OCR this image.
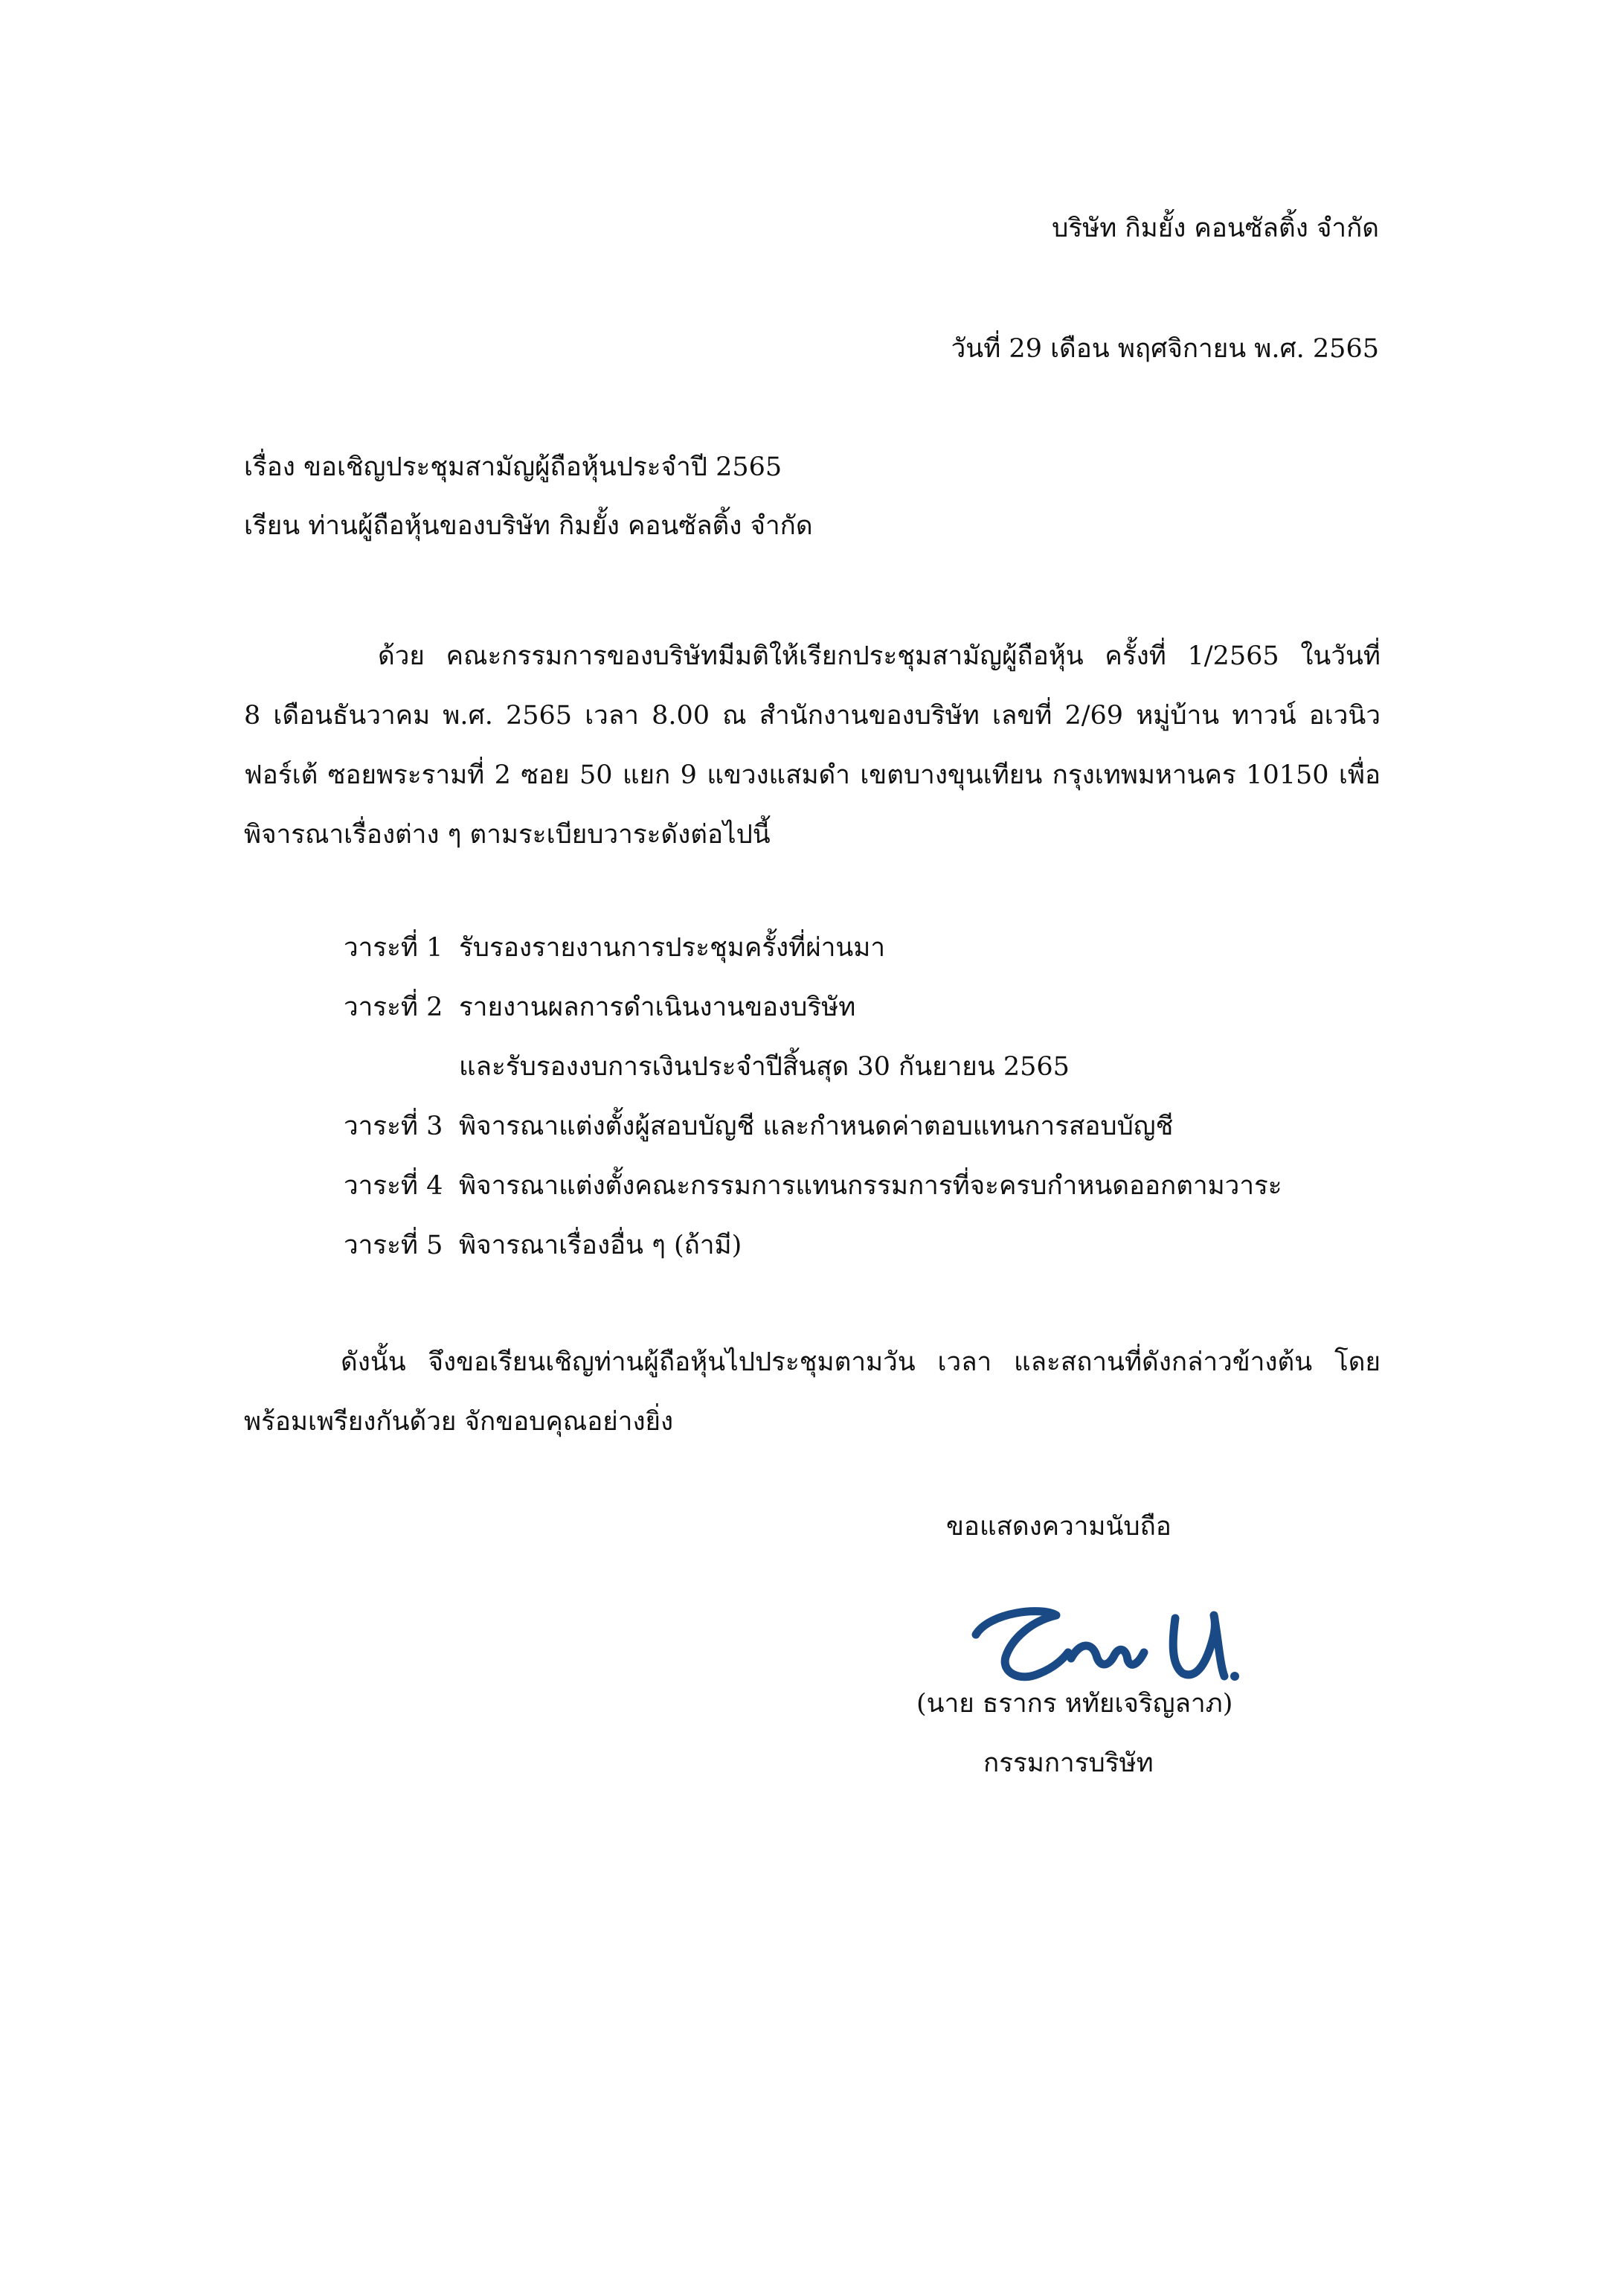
บริษัท กิมยั้ง คอนซัลติ้ง จำกัด
วันที่ 29 เดือน พฤศจิกายน พ.ศ. 2565
เรื่อง ขอเชิญประชุมสามัญผู้ถือหุ้นประจำปี 2565
เรียน ท่านผู้ถือหุ้นของบริษัท กิมยั้ง คอนซัลติ้ง จำกัด

ด้วย คณะกรรมการของบริษัทมีมติให้เรียกประชุมสามัญผู้ถือหุ้น ครั้งที่ 1/2565 ในวันที่

8 เดือนธันวาคม พ.ศ. 2565 เวลา 8.00 ณ สำนักงานของบริษัท เลขที่ 2/69 หมู่บ้าน ทาวน์ อเวนิว

ฟอร์เต้ ซอยพระรามที่ 2 ซอย 50 แยก 9 แขวงแสมดำ เขตบางขุนเทียน กรุงเทพมหานคร 10150 เพื่อ

พิจารณาเรื่องต่าง ๆ ตามระเบียบวาระดังต่อไปนี้

วาระที่ 1 รับรองรายงานการประชุมครั้งที่ผ่านมา
วาระที่ 2 รายงานผลการดำเนินงานของบริษัท
และรับรองงบการเงินประจำปีสิ้นสุด 30 กันยายน 2565
วาระที่ 3 พิจารณาแต่งตั้งผู้สอบบัญชี และกำหนดค่าตอบแทนการสอบบัญชี
วาระที่ 4 พิจารณาแต่งตั้งคณะกรรมการแทนกรรมการที่จะครบกำหนดออกตามวาระ
วาระที่ 5 พิจารณาเรื่องอื่น ๆ (ถ้ามี)

ดังนั้น จึงขอเรียนเชิญท่านผู้ถือหุ้นไปประชุมตามวัน เวลา และสถานที่ดังกล่าวข้างต้น โดย

พร้อมเพรียงกันด้วย จักขอบคุณอย่างยิ่ง

ขอแสดงความนับถือ
(นาย ธรากร หทัยเจริญลาภ)
กรรมการบริษัท
